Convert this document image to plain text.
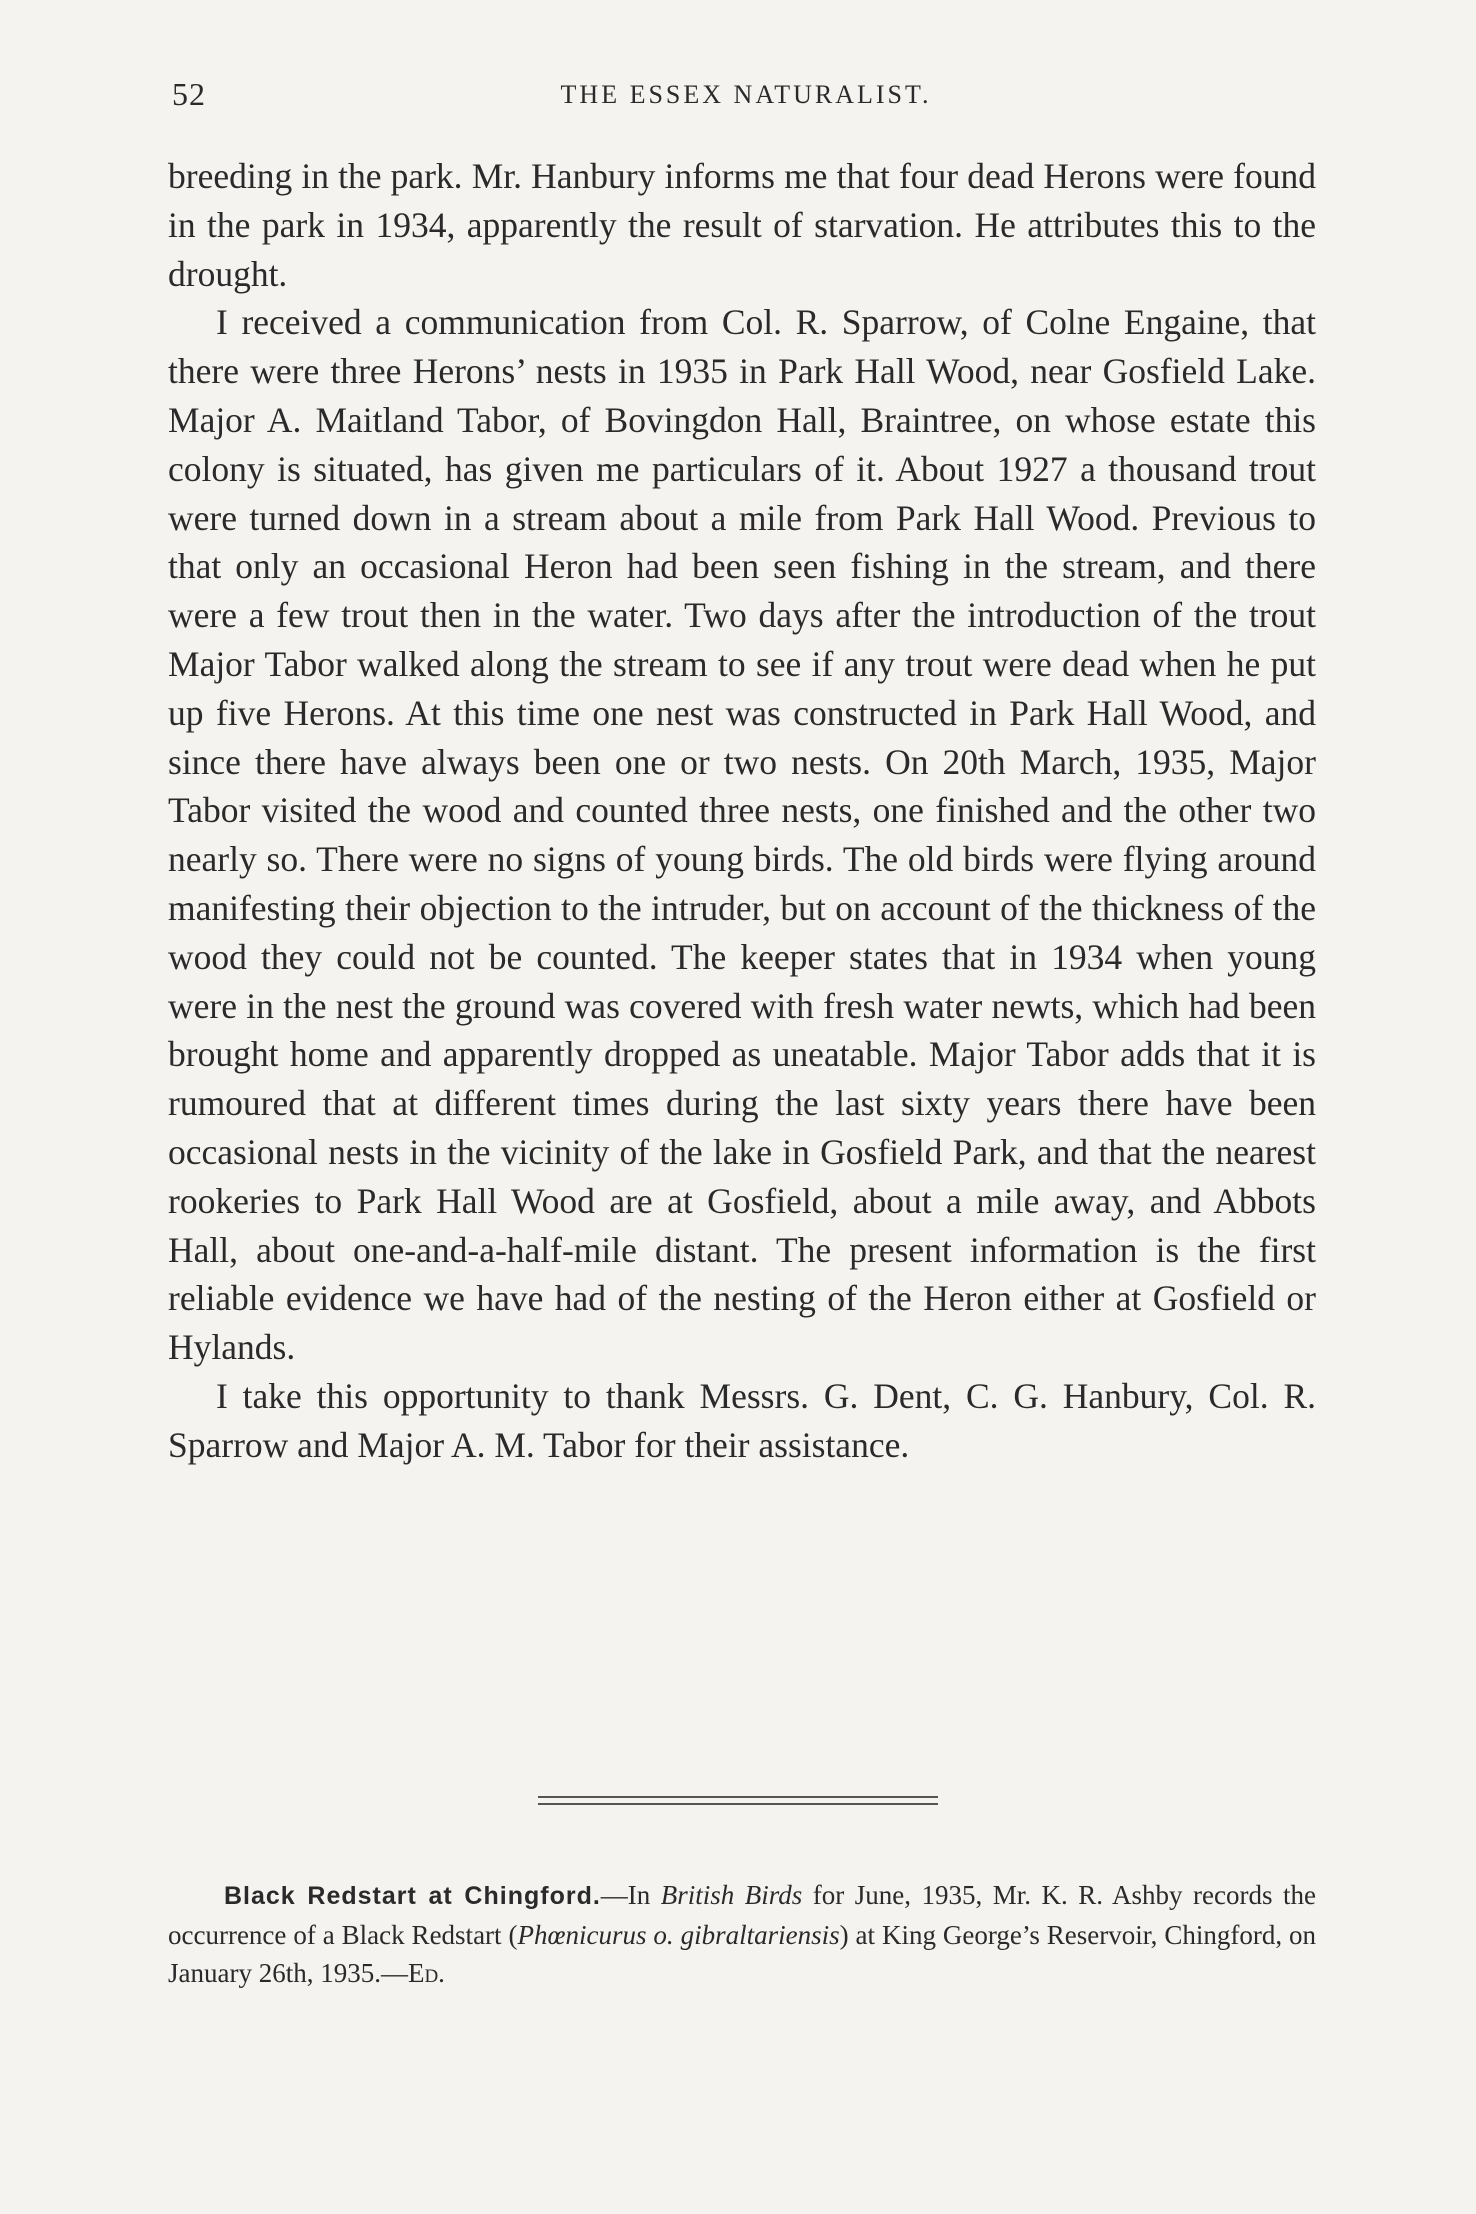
52	THE ESSEX NATURALIST.

breeding in the park. Mr. Hanbury informs me that four dead Herons were found in the park in 1934, apparently the result of starvation. He attributes this to the drought.

I received a communication from Col. R. Sparrow, of Colne Engaine, that there were three Herons’ nests in 1935 in Park Hall Wood, near Gosfield Lake. Major A. Maitland Tabor, of Bovingdon Hall, Braintree, on whose estate this colony is situated, has given me particulars of it. About 1927 a thousand trout were turned down in a stream about a mile from Park Hall Wood. Previous to that only an occasional Heron had been seen fishing in the stream, and there were a few trout then in the water. Two days after the introduction of the trout Major Tabor walked along the stream to see if any trout were dead when he put up five Herons. At this time one nest was constructed in Park Hall Wood, and since there have always been one or two nests. On 20th March, 1935, Major Tabor visited the wood and counted three nests, one finished and the other two nearly so. There were no signs of young birds. The old birds were flying around manifesting their objection to the intruder, but on account of the thickness of the wood they could not be counted. The keeper states that in 1934 when young were in the nest the ground was covered with fresh water newts, which had been brought home and apparently dropped as uneatable. Major Tabor adds that it is rumoured that at different times during the last sixty years there have been occasional nests in the vicinity of the lake in Gosfield Park, and that the nearest rookeries to Park Hall Wood are at Gosfield, about a mile away, and Abbots Hall, about one-and-a-half-mile distant. The present information is the first reliable evidence we have had of the nesting of the Heron either at Gosfield or Hylands.

I take this opportunity to thank Messrs. G. Dent, C. G. Hanbury, Col. R. Sparrow and Major A. M. Tabor for their assistance.

Black Redstart at Chingford.—In British Birds for June, 1935, Mr. K. R. Ashby records the occurrence of a Black Redstart (Phœnicurus o. gibraltariensis) at King George’s Reservoir, Chingford, on January 26th, 1935.—Ed.
